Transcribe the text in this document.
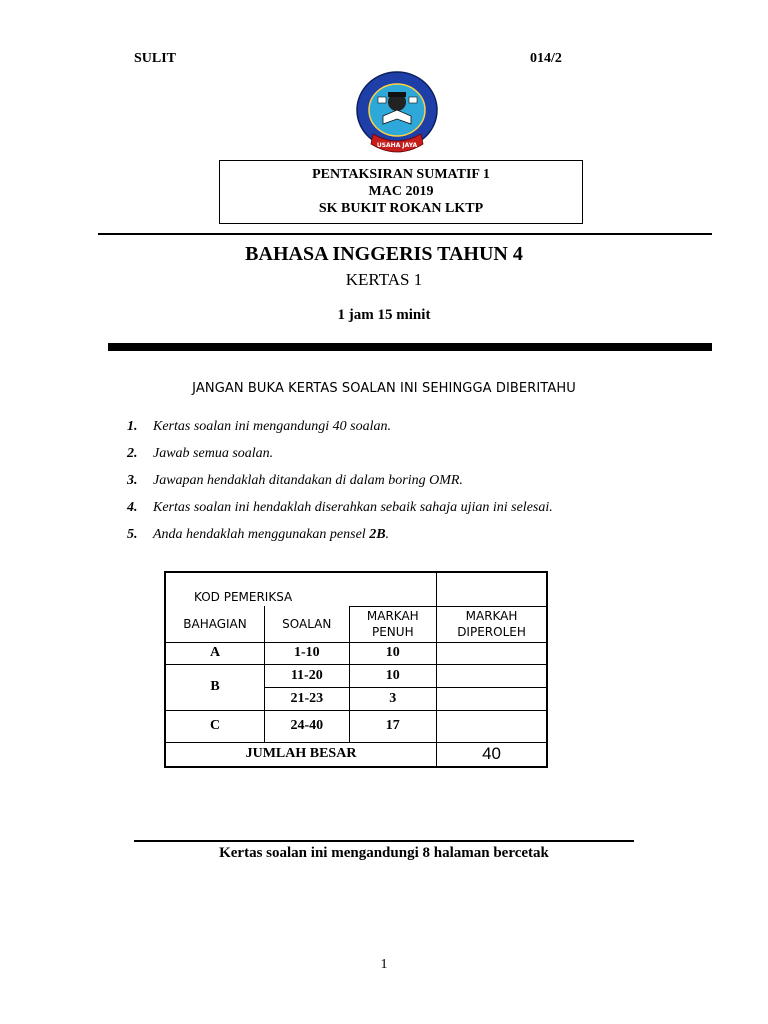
SULIT	014/2
USAHA JAYA
PENTAKSIRAN SUMATIF 1
MAC 2019
SK BUKIT ROKAN LKTP
BAHASA INGGERIS TAHUN 4
KERTAS 1
1 jam 15 minit
JANGAN BUKA KERTAS SOALAN INI SEHINGGA DIBERITAHU
1.	Kertas soalan ini mengandungi 40 soalan.
2.	Jawab semua soalan.
3.	Jawapan hendaklah ditandakan di dalam boring OMR.
4.	Kertas soalan ini hendaklah diserahkan sebaik sahaja ujian ini selesai.
5.	Anda hendaklah menggunakan pensel 2B.
KOD PEMERIKSA			
BAHAGIAN	SOALAN	MARKAH PENUH	MARKAH DIPEROLEH
A	1-10	10	
B	11-20	10	
	21-23	3	
C	24-40	17	
JUMLAH BESAR			40
Kertas soalan ini mengandungi 8 halaman bercetak
1
